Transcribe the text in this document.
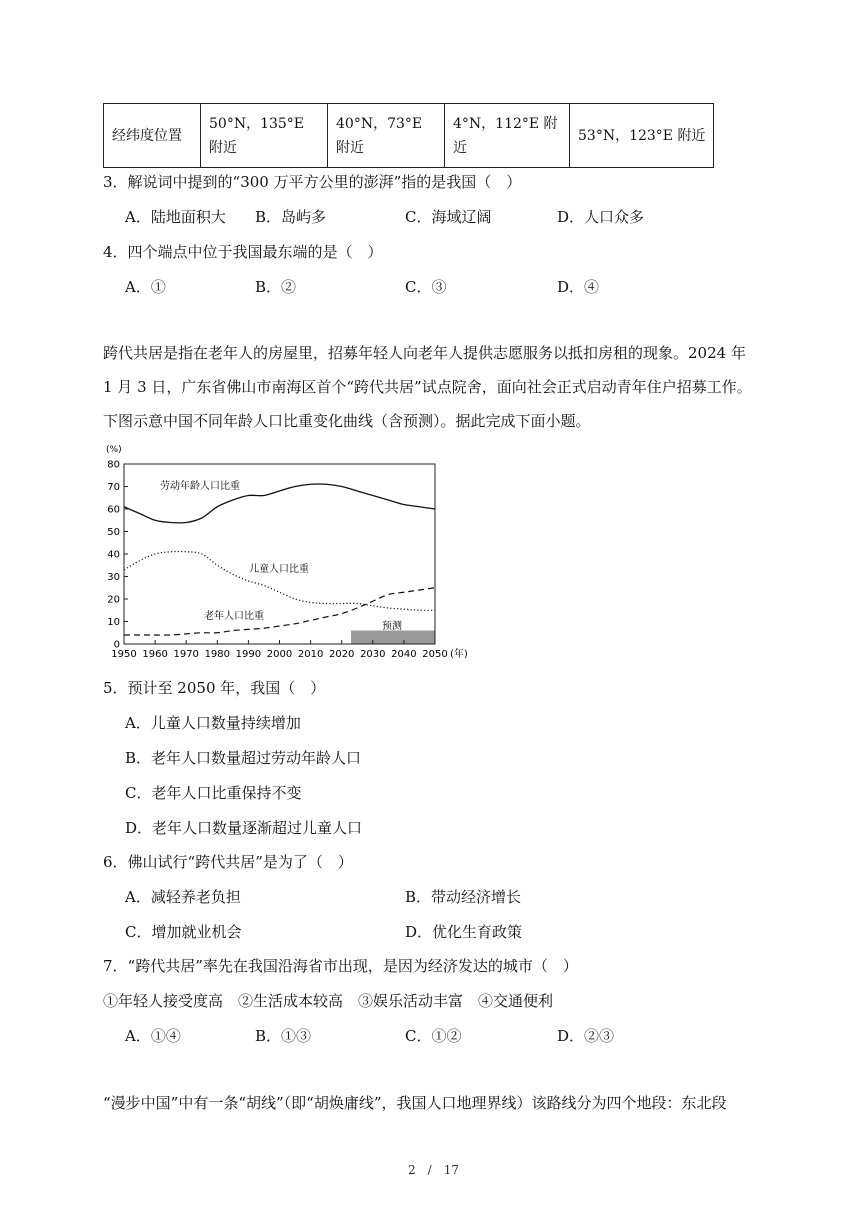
经纬度位置	50°N，135°E 附近	40°N，73°E 附近	4°N，112°E 附近	53°N，123°E 附近
3．解说词中提到的“300 万平方公里的澎湃”指的是我国（　）
A．陆地面积大 B．岛屿多	C．海域辽阔	D．人口众多
4．四个端点中位于我国最东端的是（　）
A．①	B．②	C．③	D．④
跨代共居是指在老年人的房屋里，招募年轻人向老年人提供志愿服务以抵扣房租的现象。2024 年
1 月 3 日，广东省佛山市南海区首个“跨代共居”试点院舍，面向社会正式启动青年住户招募工作。
下图示意中国不同年龄人口比重变化曲线（含预测）。据此完成下面小题。
0
10
20
30
40
50
60
70
80
1950 1960 1970 1980 1990 2000 2010 2020 2030 2040 2050
(%)
(年)
劳动年龄人口比重
儿童人口比重
老年人口比重
预测
5．预计至 2050 年，我国（　）
A．儿童人口数量持续增加
B．老年人口数量超过劳动年龄人口
C．老年人口比重保持不变
D．老年人口数量逐渐超过儿童人口
6．佛山试行“跨代共居”是为了（　）
A．减轻养老负担	B．带动经济增长
C．增加就业机会	D．优化生育政策
7．“跨代共居”率先在我国沿海省市出现，是因为经济发达的城市（　）
①年轻人接受度高　②生活成本较高　③娱乐活动丰富　④交通便利
A．①④	B．①③	C．①②	D．②③
“漫步中国”中有一条“胡线”（即“胡焕庸线”，我国人口地理界线）该路线分为四个地段：东北段
2　/　17
